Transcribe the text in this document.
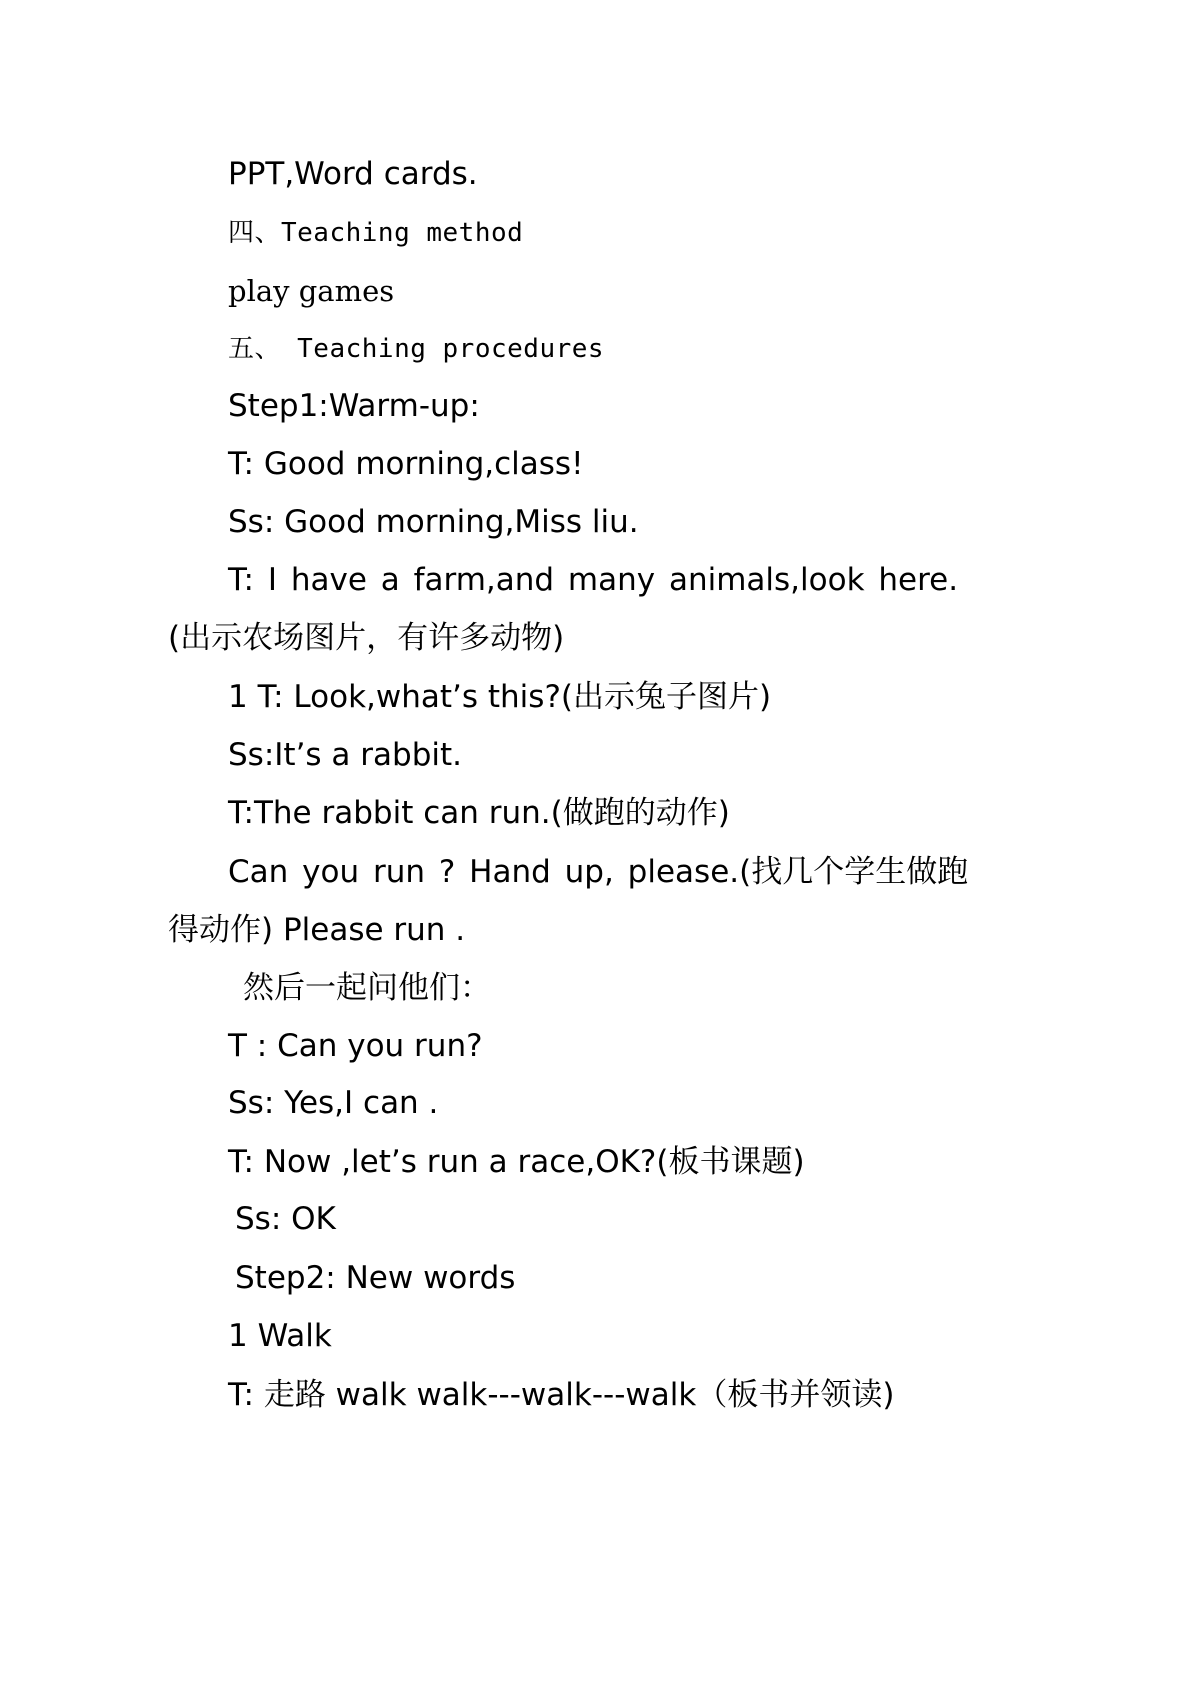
PPT,Word cards.
四、Teaching method
play games
五、 Teaching procedures
Step1:Warm-up:
T: Good morning,class!
Ss: Good morning,Miss liu.
T: I have a farm,and many animals,look here.
(出示农场图片，有许多动物)
1 T: Look,what’s this?(出示兔子图片)
Ss:It’s a rabbit.
T:The rabbit can run.(做跑的动作)
Can you run ? Hand up, please.(找几个学生做跑
得动作) Please run .
然后一起问他们：
T : Can you run?
Ss: Yes,I can .
T: Now ,let’s run a race,OK?(板书课题)
Ss: OK
Step2: New words
1 Walk
T: 走路 walk walk---walk---walk（板书并领读)
